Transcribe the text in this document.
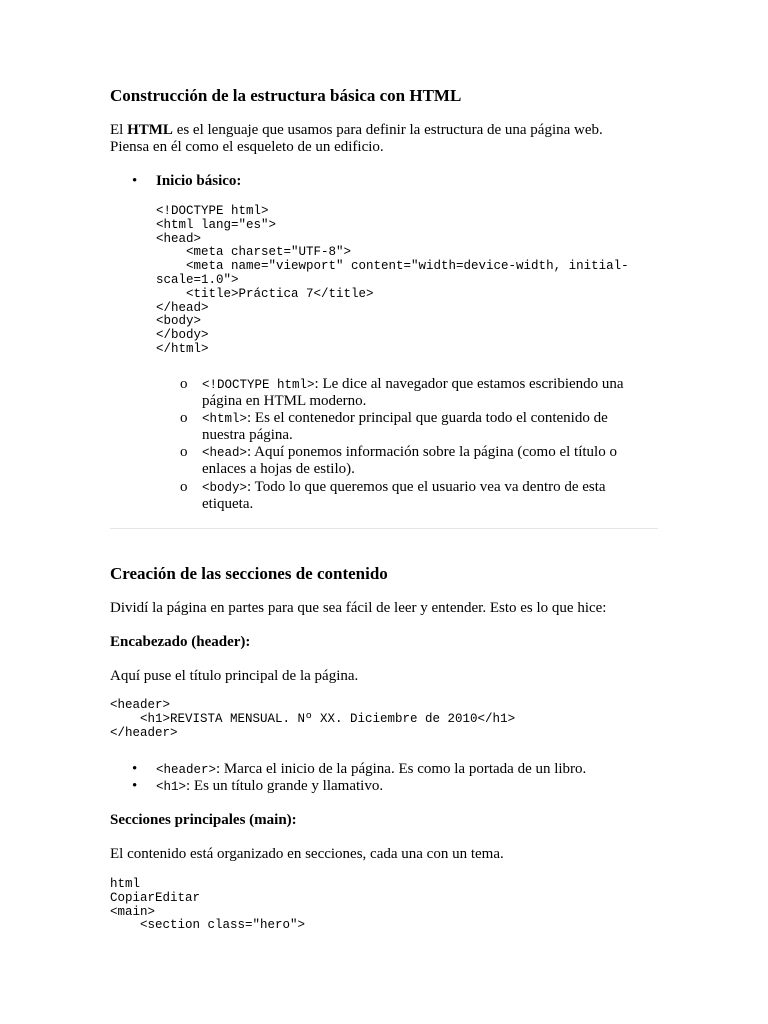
Construcción de la estructura básica con HTML

El HTML es el lenguaje que usamos para definir la estructura de una página web.

Piensa en él como el esqueleto de un edificio.

• Inicio básico:
<!DOCTYPE html>
<html lang="es">
<head>
<meta charset="UTF-8">
<meta name="viewport" content="width=device-width, initial-
scale=1.0">
<title>Práctica 7</title>
</head>
<body>
</body>
</html>
o <!DOCTYPE html>: Le dice al navegador que estamos escribiendo una
página en HTML moderno.
o <html>: Es el contenedor principal que guarda todo el contenido de
nuestra página.
o <head>: Aquí ponemos información sobre la página (como el título o
enlaces a hojas de estilo).
o <body>: Todo lo que queremos que el usuario vea va dentro de esta
etiqueta.
Creación de las secciones de contenido

Dividí la página en partes para que sea fácil de leer y entender. Esto es lo que hice:

Encabezado (header):

Aquí puse el título principal de la página.

<header>
<h1>REVISTA MENSUAL. Nº XX. Diciembre de 2010</h1>
</header>
• <header>: Marca el inicio de la página. Es como la portada de un libro.
• <h1>: Es un título grande y llamativo.

Secciones principales (main):

El contenido está organizado en secciones, cada una con un tema.

html
CopiarEditar
<main>
<section class="hero">
